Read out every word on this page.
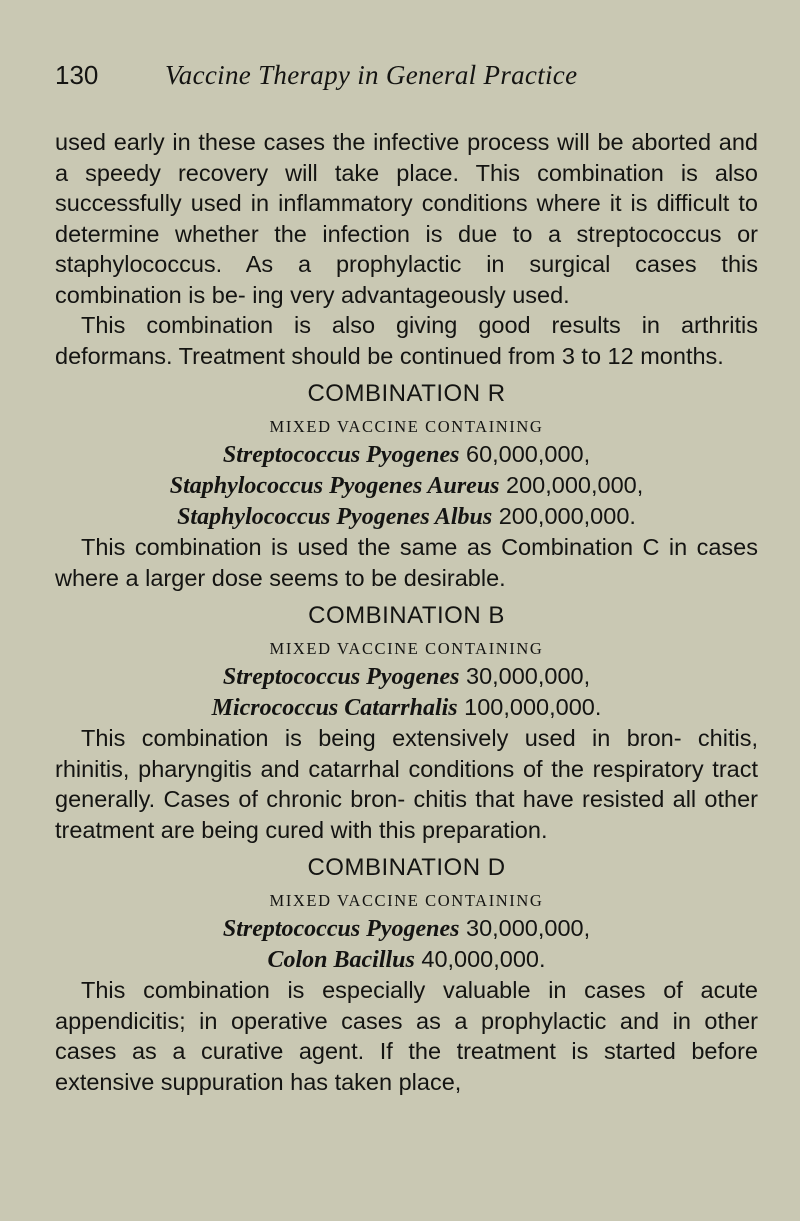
130	Vaccine Therapy in General Practice

used early in these cases the infective process will be aborted and a speedy recovery will take place. This combination is also successfully used in inflammatory conditions where it is difficult to determine whether the infection is due to a streptococcus or staphylococcus. As a prophylactic in surgical cases this combination is be- ing very advantageously used.

This combination is also giving good results in arthritis deformans. Treatment should be continued from 3 to 12 months.

COMBINATION R
MIXED VACCINE CONTAINING
Streptococcus Pyogenes 60,000,000,
Staphylococcus Pyogenes Aureus 200,000,000,
Staphylococcus Pyogenes Albus 200,000,000.

This combination is used the same as Combination C in cases where a larger dose seems to be desirable.

COMBINATION B
MIXED VACCINE CONTAINING
Streptococcus Pyogenes 30,000,000,
Micrococcus Catarrhalis 100,000,000.

This combination is being extensively used in bron- chitis, rhinitis, pharyngitis and catarrhal conditions of the respiratory tract generally. Cases of chronic bron- chitis that have resisted all other treatment are being cured with this preparation.

COMBINATION D
MIXED VACCINE CONTAINING
Streptococcus Pyogenes 30,000,000,
Colon Bacillus 40,000,000.

This combination is especially valuable in cases of acute appendicitis; in operative cases as a prophylactic and in other cases as a curative agent. If the treatment is started before extensive suppuration has taken place,
